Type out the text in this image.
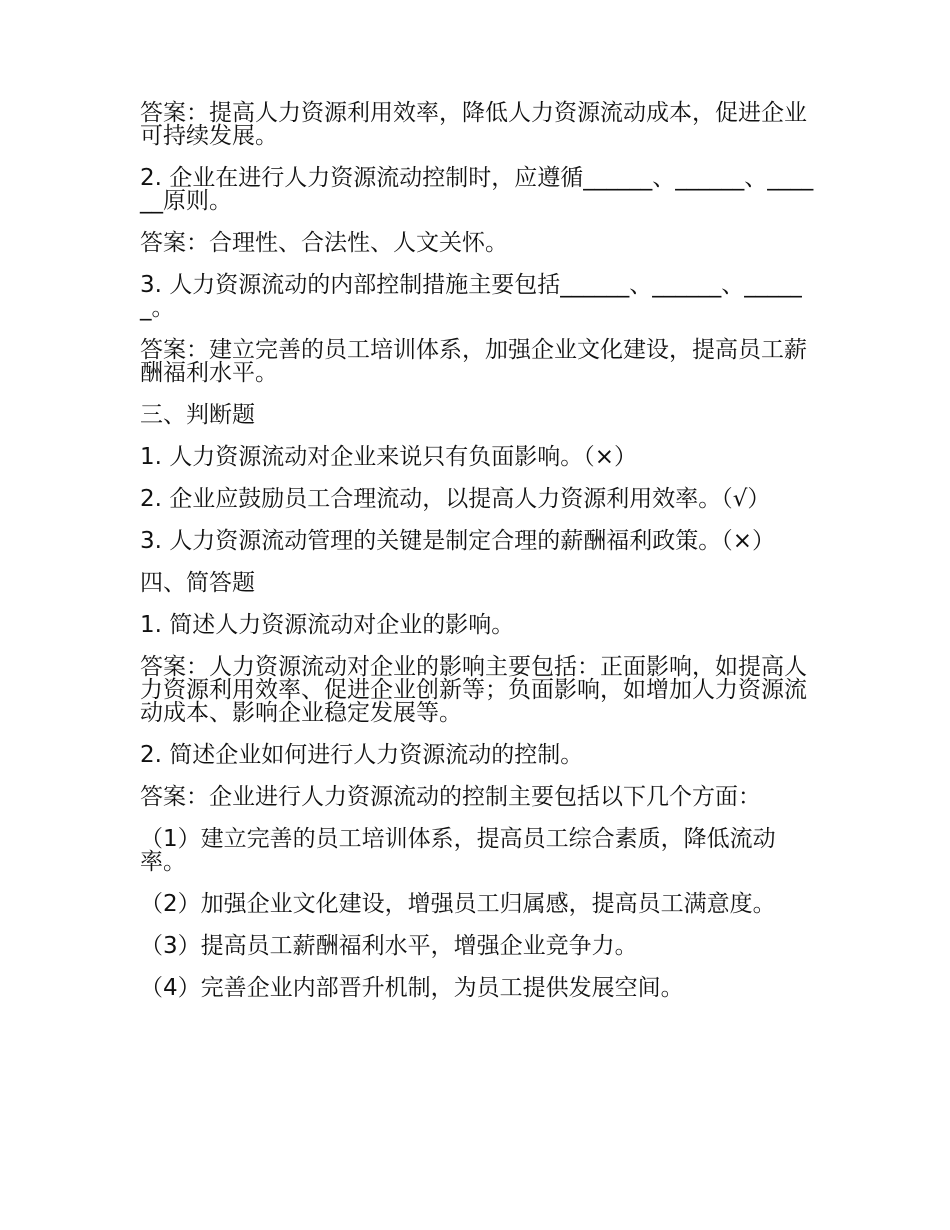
答案：提高人力资源利用效率，降低人力资源流动成本，促进企业可持续发展。

2. 企业在进行人力资源流动控制时，应遵循______、______、______原则。

答案：合理性、合法性、人文关怀。

3. 人力资源流动的内部控制措施主要包括______、______、______。

答案：建立完善的员工培训体系，加强企业文化建设，提高员工薪酬福利水平。

三、判断题

1. 人力资源流动对企业来说只有负面影响。（×）

2. 企业应鼓励员工合理流动，以提高人力资源利用效率。（√）

3. 人力资源流动管理的关键是制定合理的薪酬福利政策。（×）

四、简答题

1. 简述人力资源流动对企业的影响。

答案：人力资源流动对企业的影响主要包括：正面影响，如提高人力资源利用效率、促进企业创新等；负面影响，如增加人力资源流动成本、影响企业稳定发展等。

2. 简述企业如何进行人力资源流动的控制。

答案：企业进行人力资源流动的控制主要包括以下几个方面：

（1）建立完善的员工培训体系，提高员工综合素质，降低流动率。

（2）加强企业文化建设，增强员工归属感，提高员工满意度。

（3）提高员工薪酬福利水平，增强企业竞争力。

（4）完善企业内部晋升机制，为员工提供发展空间。
